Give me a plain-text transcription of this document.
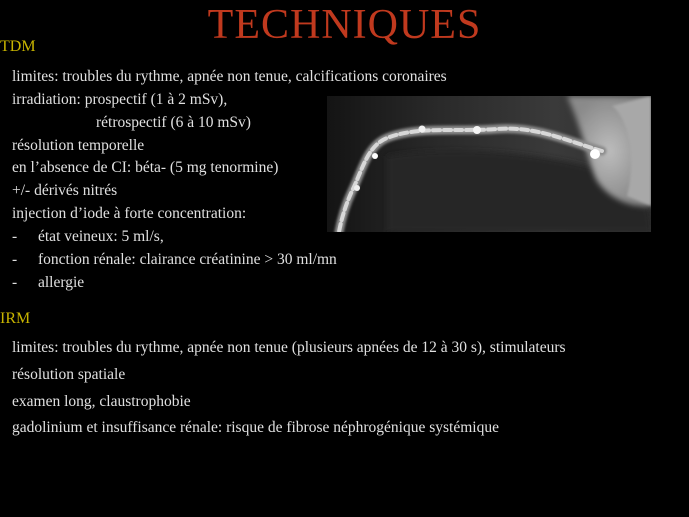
TECHNIQUES
TDM
limites: troubles du rythme, apnée non tenue, calcifications coronaires
irradiation: prospectif (1 à 2 mSv),
rétrospectif (6 à 10 mSv)
résolution temporelle
en l’absence de CI: béta- (5 mg tenormine)
+/- dérivés nitrés
injection d’iode à forte concentration:
- état veineux: 5 ml/s,
- fonction rénale: clairance créatinine > 30 ml/mn
- allergie
IRM
limites: troubles du rythme, apnée non tenue (plusieurs apnées de 12 à 30 s), stimulateurs
résolution spatiale
examen long, claustrophobie
gadolinium et insuffisance rénale: risque de fibrose néphrogénique systémique
